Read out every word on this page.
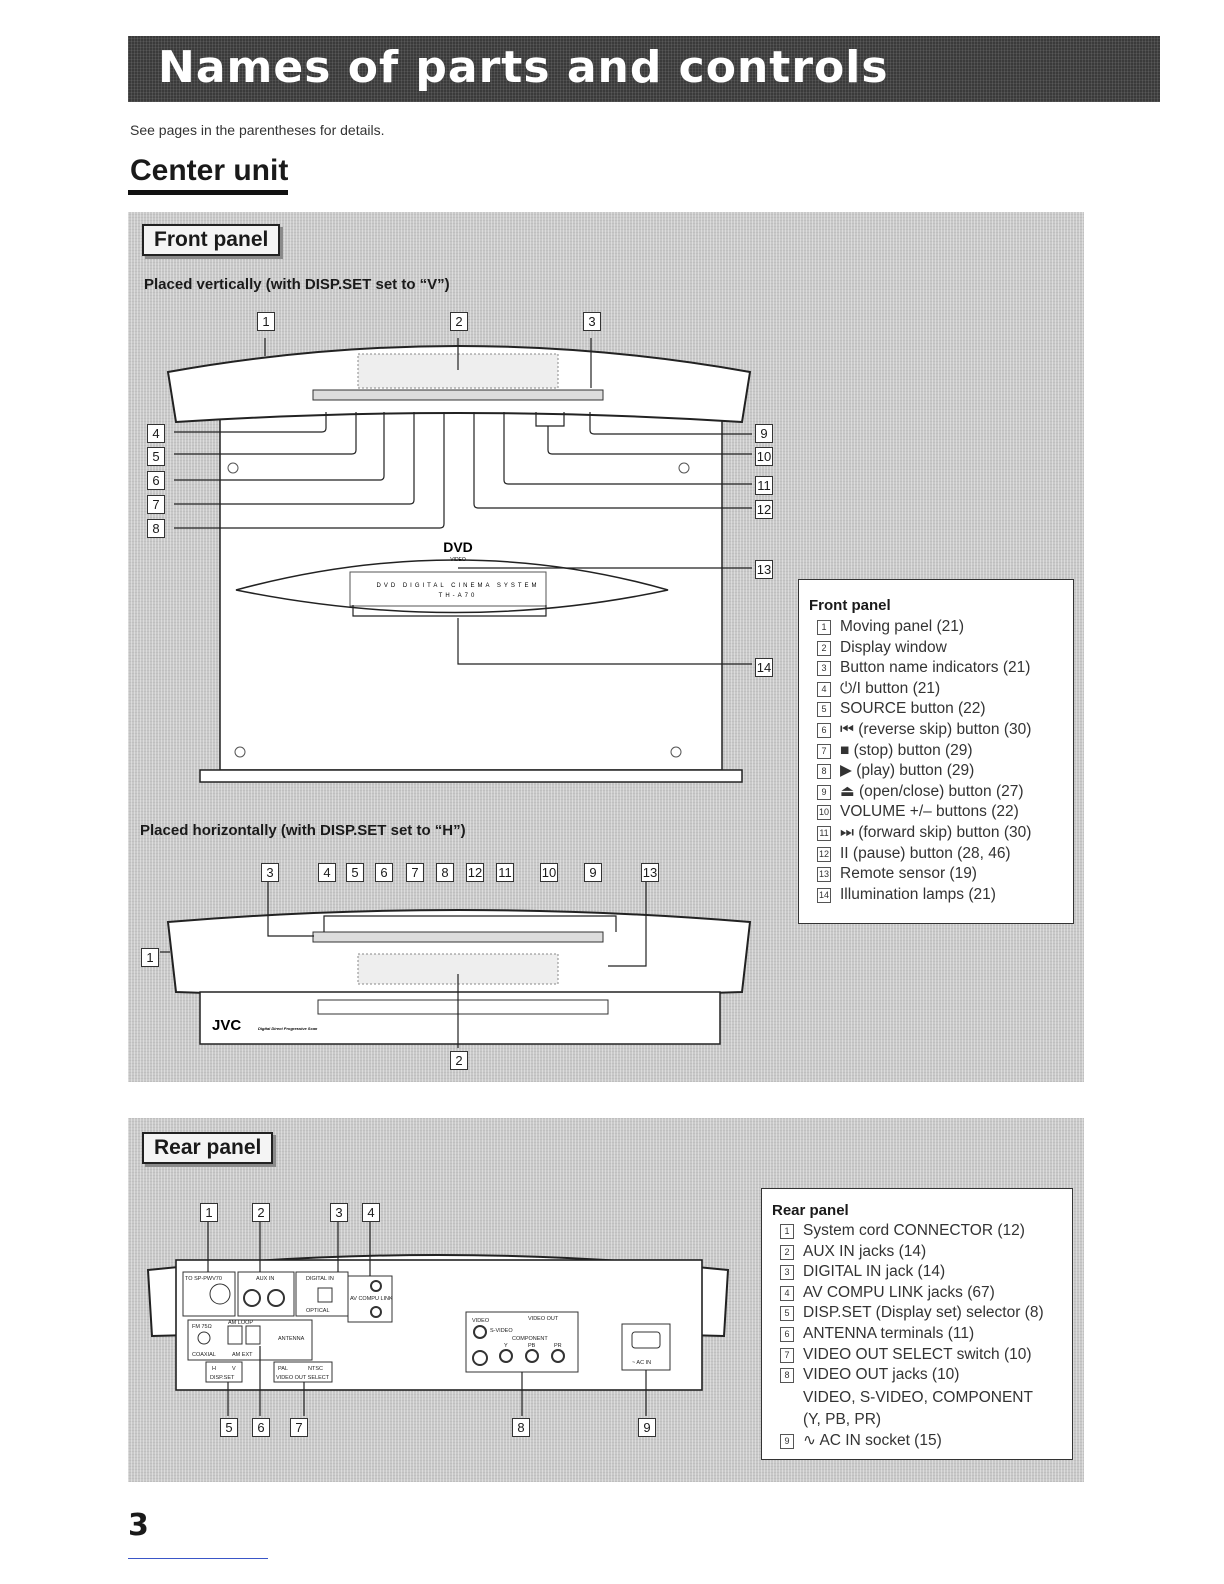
Names of parts and controls
See pages in the parentheses for details.
Center unit
Front panel
Placed vertically (with DISP.SET set to “V”)
DVD
VIDEO
DVD DIGITAL CINEMA SYSTEM
TH-A70
1	2	3
4
5
6
7
8
9
10
11
12
13
14
Front panel
1 Moving panel (21)
2 Display window
3 Button name indicators (21)
4 ⏻/I button (21)
5 SOURCE button (22)
6 ⏮ (reverse skip) button (30)
7 ■ (stop) button (29)
8 ▶ (play) button (29)
9 ⏏ (open/close) button (27)
10 VOLUME +/– buttons (22)
11 ⏭ (forward skip) button (30)
12 II (pause) button (28, 46)
13 Remote sensor (19)
14 Illumination lamps (21)
Placed horizontally (with DISP.SET set to “H”)
JVC	Digital Direct Progressive Scan
3	4	5	6	7	8	12 11 10	9	13
1
2
Rear panel
TO SP-PWV70	AUX IN	DIGITAL IN
OPTICAL
AV COMPU LINK
FM 75Ω
COAXIAL
AM LOOP
AM EXT
ANTENNA
H	V
DISP.SET
PAL	NTSC
VIDEO OUT SELECT
VIDEO
S-VIDEO
VIDEO OUT
COMPONENT
Y	PB	PR
~ AC IN
1	2	3	4
5	6	7	8	9
Rear panel
1 System cord CONNECTOR (12)
2 AUX IN jacks (14)
3 DIGITAL IN jack (14)
4 AV COMPU LINK jacks (67)
5 DISP.SET (Display set) selector (8)
6 ANTENNA terminals (11)
7 VIDEO OUT SELECT switch (10)
8 VIDEO OUT jacks (10)
VIDEO, S-VIDEO, COMPONENT
(Y, PB, PR)
9 ∿ AC IN socket (15)
3
